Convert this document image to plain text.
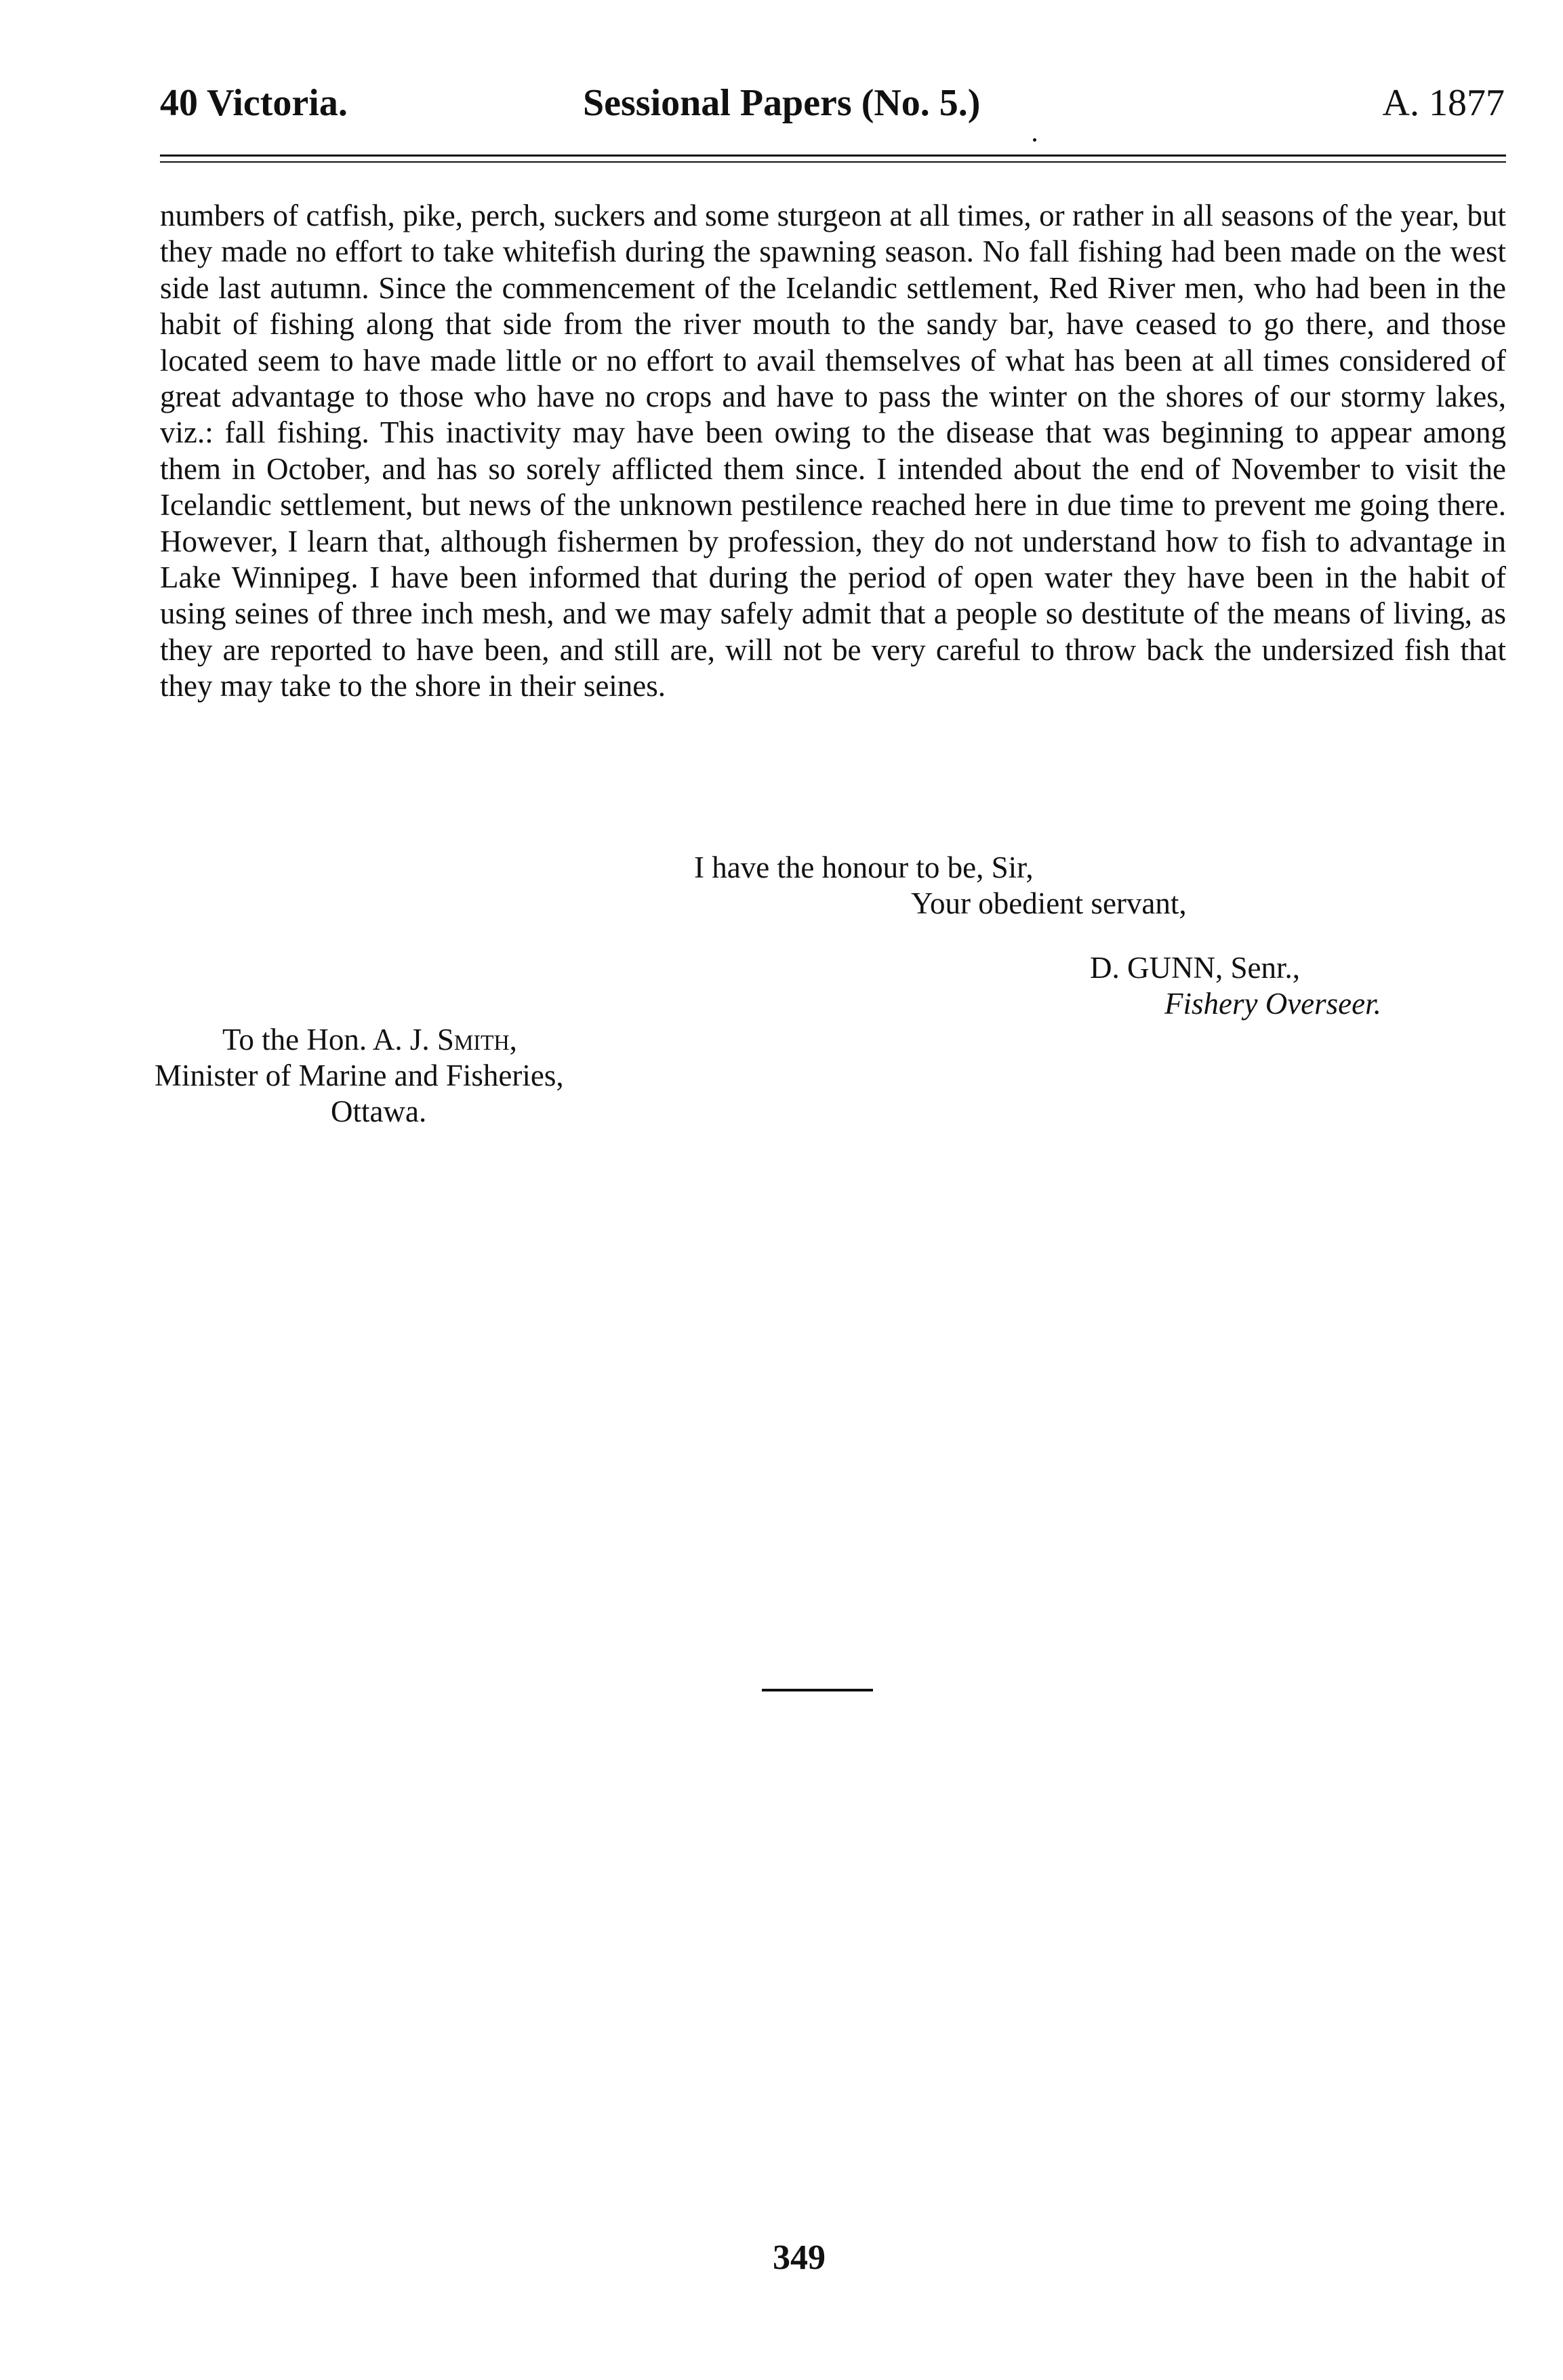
40 Victoria.	Sessional Papers (No. 5.)	A. 1877

numbers of catfish, pike, perch, suckers and some sturgeon at all times, or rather in all seasons of the year, but they made no effort to take whitefish during the spawning season. No fall fishing had been made on the west side last autumn. Since the commencement of the Icelandic settlement, Red River men, who had been in the habit of fishing along that side from the river mouth to the sandy bar, have ceased to go there, and those located seem to have made little or no effort to avail themselves of what has been at all times considered of great advantage to those who have no crops and have to pass the winter on the shores of our stormy lakes, viz.: fall fishing. This inactivity may have been owing to the disease that was beginning to appear among them in October, and has so sorely afflicted them since. I intended about the end of November to visit the Icelandic settlement, but news of the unknown pestilence reached here in due time to prevent me going there. However, I learn that, although fishermen by profession, they do not understand how to fish to advantage in Lake Winnipeg. I have been informed that during the period of open water they have been in the habit of using seines of three inch mesh, and we may safely admit that a people so destitute of the means of living, as they are reported to have been, and still are, will not be very careful to throw back the undersized fish that they may take to the shore in their seines.

I have the honour to be, Sir,
Your obedient servant,
D. GUNN, Senr.,
Fishery Overseer.
To the Hon. A. J. Smith,
Minister of Marine and Fisheries,
Ottawa.
349
